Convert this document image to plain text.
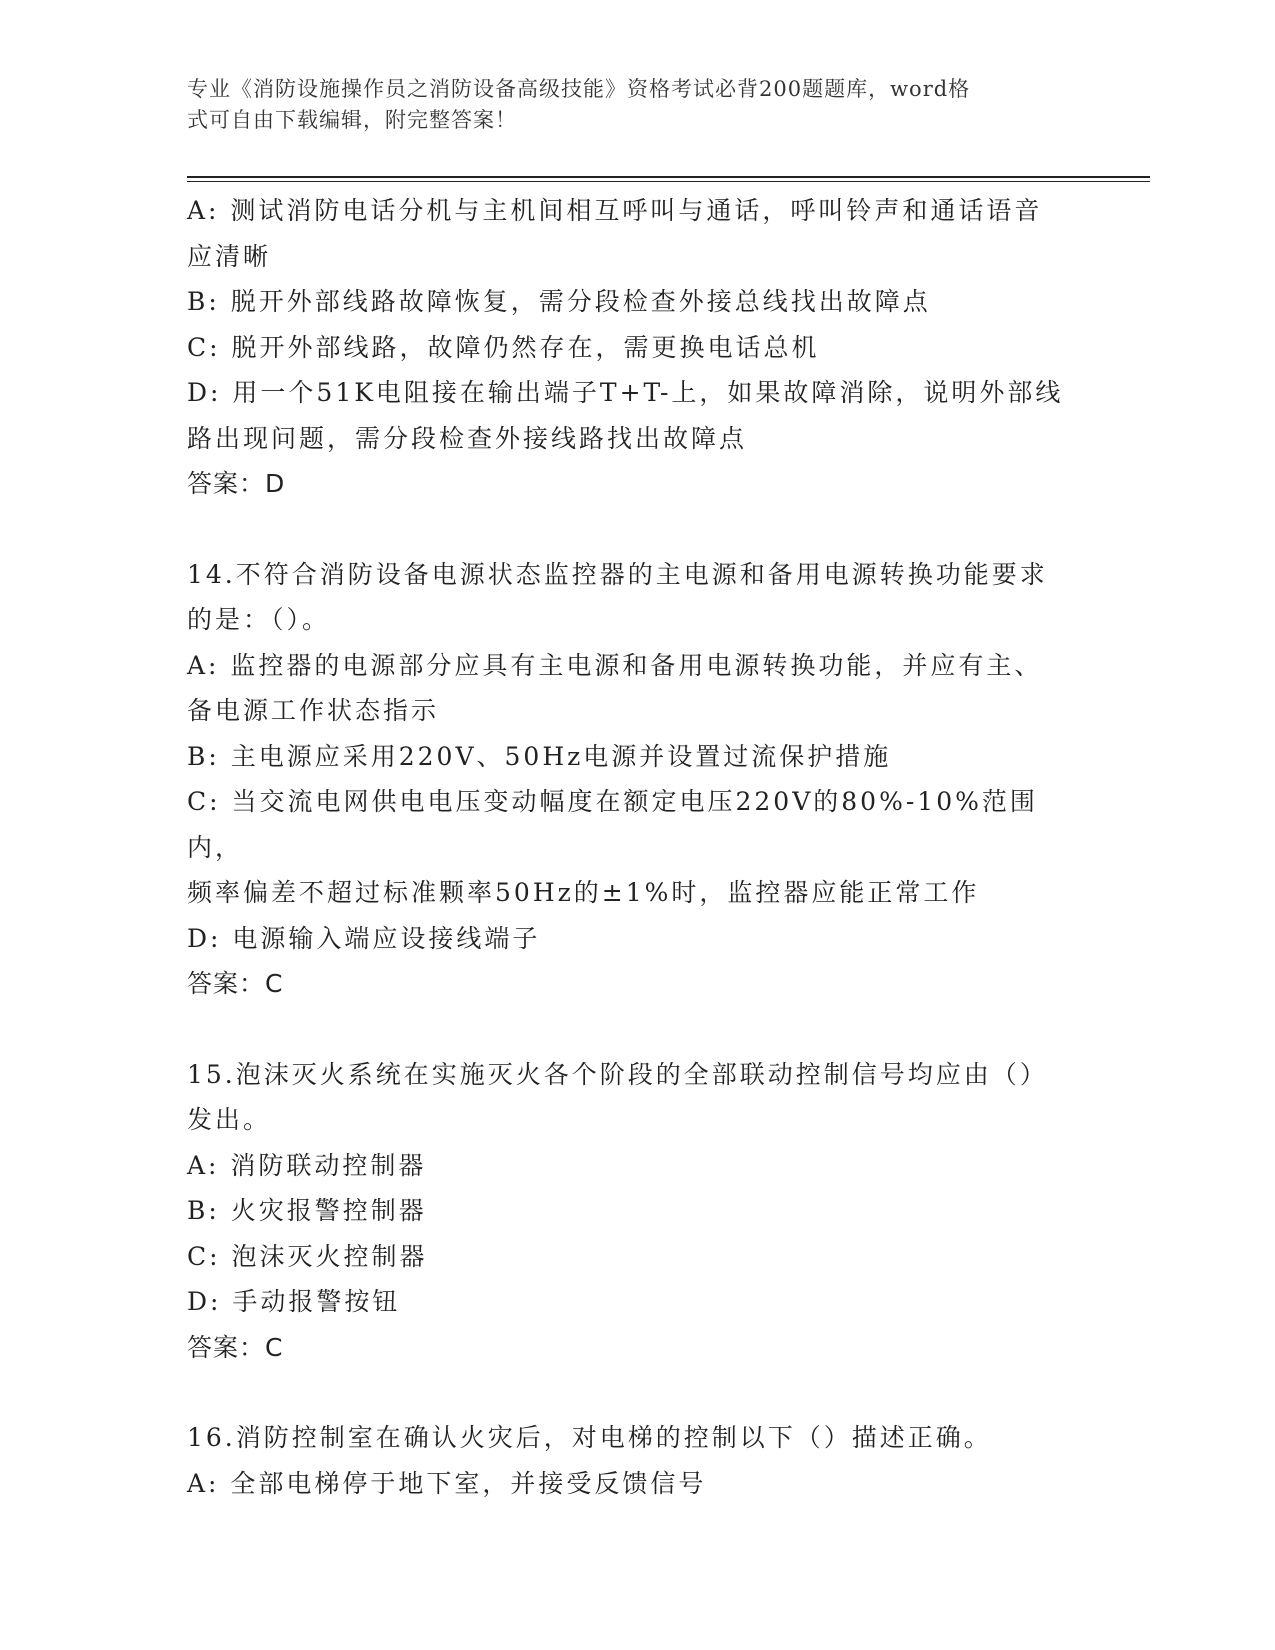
专业《消防设施操作员之消防设备高级技能》资格考试必背200题题库，word格
式可自由下载编辑，附完整答案！
A: 测试消防电话分机与主机间相互呼叫与通话，呼叫铃声和通话语音
应清晰
B: 脱开外部线路故障恢复，需分段检查外接总线找出故障点
C: 脱开外部线路，故障仍然存在，需更换电话总机
D: 用一个51K电阻接在输出端子T+T-上，如果故障消除，说明外部线
路出现问题，需分段检查外接线路找出故障点
答案：D
14.不符合消防设备电源状态监控器的主电源和备用电源转换功能要求
的是：（）。
A: 监控器的电源部分应具有主电源和备用电源转换功能，并应有主、
备电源工作状态指示
B: 主电源应采用220V、50Hz电源并设置过流保护措施
C: 当交流电网供电电压变动幅度在额定电压220V的80%-10%范围内，
频率偏差不超过标准颗率50Hz的±1%时，监控器应能正常工作
D: 电源输入端应设接线端子
答案：C
15.泡沫灭火系统在实施灭火各个阶段的全部联动控制信号均应由（）
发出。
A: 消防联动控制器
B: 火灾报警控制器
C: 泡沫灭火控制器
D: 手动报警按钮
答案：C
16.消防控制室在确认火灾后，对电梯的控制以下（）描述正确。
A: 全部电梯停于地下室，并接受反馈信号
